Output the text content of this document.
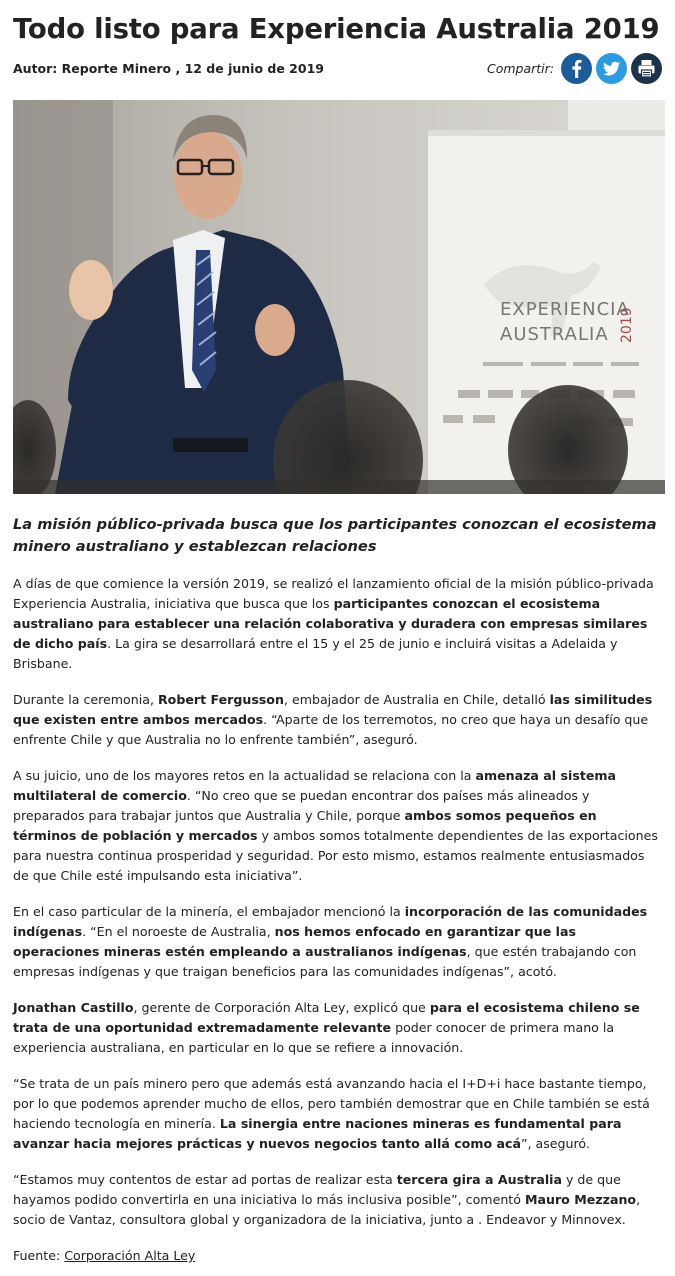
Todo listo para Experiencia Australia 2019
Autor: Reporte Minero , 12 de junio de 2019	Compartir:
EXPERIENCIA
AUSTRALIA 2019

La misión público-privada busca que los participantes conozcan el ecosistema minero australiano y establezcan relaciones

A días de que comience la versión 2019, se realizó el lanzamiento oficial de la misión público-privada Experiencia Australia, iniciativa que busca que los participantes conozcan el ecosistema australiano para establecer una relación colaborativa y duradera con empresas similares de dicho país. La gira se desarrollará entre el 15 y el 25 de junio e incluirá visitas a Adelaida y Brisbane.

Durante la ceremonia, Robert Fergusson, embajador de Australia en Chile, detalló las similitudes que existen entre ambos mercados. “Aparte de los terremotos, no creo que haya un desafío que enfrente Chile y que Australia no lo enfrente también”, aseguró.

A su juicio, uno de los mayores retos en la actualidad se relaciona con la amenaza al sistema multilateral de comercio. “No creo que se puedan encontrar dos países más alineados y preparados para trabajar juntos que Australia y Chile, porque ambos somos pequeños en términos de población y mercados y ambos somos totalmente dependientes de las exportaciones para nuestra continua prosperidad y seguridad. Por esto mismo, estamos realmente entusiasmados de que Chile esté impulsando esta iniciativa”.

En el caso particular de la minería, el embajador mencionó la incorporación de las comunidades indígenas. “En el noroeste de Australia, nos hemos enfocado en garantizar que las operaciones mineras estén empleando a australianos indígenas, que estén trabajando con empresas indígenas y que traigan beneficios para las comunidades indígenas”, acotó.

Jonathan Castillo, gerente de Corporación Alta Ley, explicó que para el ecosistema chileno se trata de una oportunidad extremadamente relevante poder conocer de primera mano la experiencia australiana, en particular en lo que se refiere a innovación.

“Se trata de un país minero pero que además está avanzando hacia el I+D+i hace bastante tiempo, por lo que podemos aprender mucho de ellos, pero también demostrar que en Chile también se está haciendo tecnología en minería. La sinergia entre naciones mineras es fundamental para avanzar hacia mejores prácticas y nuevos negocios tanto allá como acá”, aseguró.

“Estamos muy contentos de estar ad portas de realizar esta tercera gira a Australia y de que hayamos podido convertirla en una iniciativa lo más inclusiva posible”, comentó Mauro Mezzano, socio de Vantaz, consultora global y organizadora de la iniciativa, junto a . Endeavor y Minnovex.

Fuente: Corporación Alta Ley
